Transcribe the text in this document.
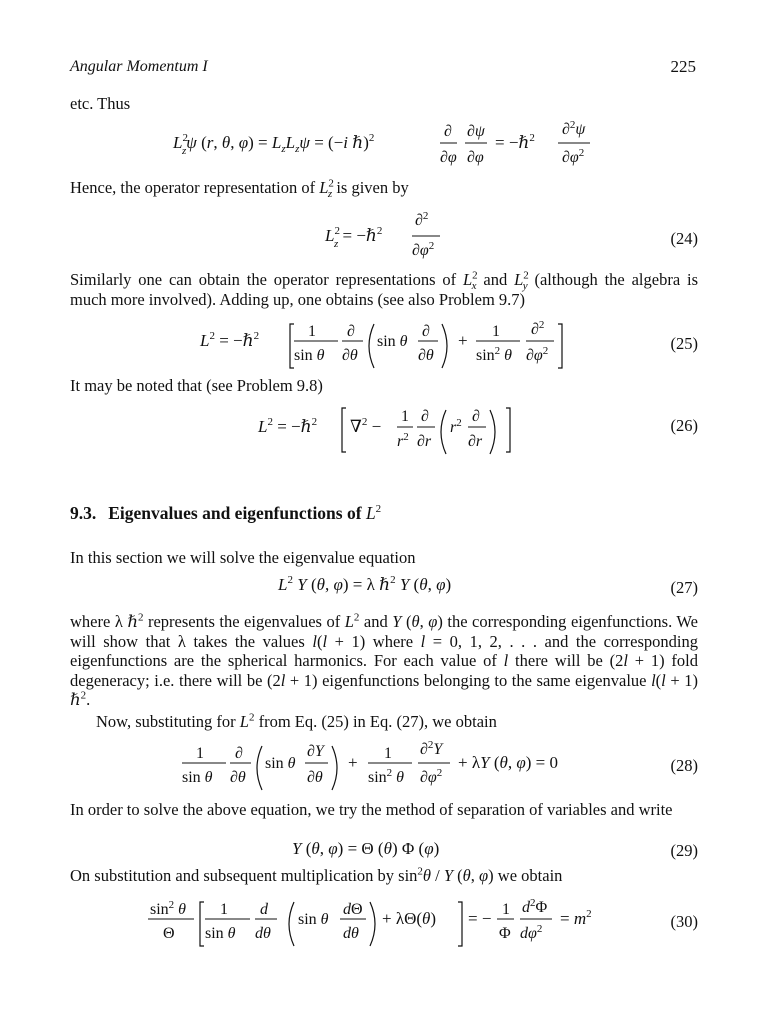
Angular Momentum I	225
etc. Thus
$L^2$ zψ (r, θ, $\varphi) = L_zL_z\psi = (-i$ ℏ)$^2$	∂
∂φ
∂ψ
∂φ
= −ℏ$^2$ ∂$^2$ψ
$\partial\varphi^2$
Hence, the operator representation of $L^2_z$ is given by
$L^2$ z = −ℏ$^2$
∂$^2$
$\partial\varphi^2$	(24)
Similarly one can obtain the operator representations of $L^2_x$ and $L^2_y$ (although the algebra is much more involved). Adding up, one obtains (see also Problem 9.7)
$L^2$ = −ℏ$^2$	1
sin θ
∂
∂θ
sin θ
∂
∂θ
+ 1
$\sin^2 \theta$
∂$^2$
$\partial\varphi^2$	(25)
It may be noted that (see Problem 9.8)
$L^2$ = −ℏ$^2$ ∇$^2$ −
1
$r^2$
∂
∂r
$r^2$ ∂
∂r
(26)
9.3. Eigenvalues and eigenfunctions of $L^2$
In this section we will solve the eigenvalue equation
$L^2$ Y (θ, φ) = λ ℏ$^2$ Y (θ, φ)	(27)
where λ ℏ$^2$ represents the eigenvalues of $L^2$ and Y (θ, φ) the corresponding eigenfunctions. We will show that λ takes the values l(l + 1) where l = 0, 1, 2, . . . and the corresponding eigenfunctions are the spherical harmonics. For each value of l there will be (2l + 1) fold degeneracy; i.e. there will be (2l + 1) eigenfunctions belonging to the same eigenvalue l(l + 1) ℏ$^2$.
Now, substituting for $L^2$ from Eq. (25) in Eq. (27), we obtain
1
sin θ
∂
∂θ
sin θ
∂Y
∂θ
+ 1
$\sin^2 \theta$
∂$^2$Y
$\partial\varphi^2$
+ λY (θ, φ) = 0	(28)
In order to solve the above equation, we try the method of separation of variables and write
Y (θ, φ) = Θ (θ) Φ (φ)	(29)
On substitution and subsequent multiplication by $\sin^2\theta$ / Y (θ, φ) we obtain
$\sin^2 \theta$
Θ
1
sin θ
d
dθ
sin θ
dΘ
dθ
+ λΘ(θ) = − 1
Φ
$d^2\Phi$
$d\varphi^2$
= $m^2$	(30)
